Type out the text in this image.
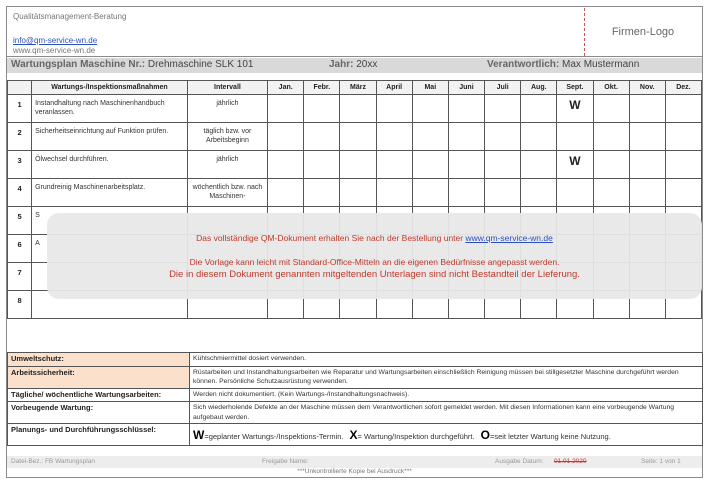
Qualitätsmanagement-Beratung
info@qm-service-wn.de
www.qm-service-wn.de
Firmen-Logo
Wartungsplan Maschine Nr.: Drehmaschine SLK 101	Jahr: 20xx	Verantwortlich: Max Mustermann
	Wartungs-/Inspektionsmaßnahmen	Intervall	Jan.	Febr.	März	April	Mai	Juni	Juli	Aug.	Sept.	Okt.	Nov.	Dez.
1	Instandhaltung nach Maschinenhandbuch veranlassen.	jährlich									W			
2	Sicherheitseinrichtung auf Funktion prüfen.	täglich bzw. vor Arbeitsbeginn												
3	Ölwechsel durchführen.	jährlich									W			
4	Grundreinig Maschinenarbeitsplatz.	wöchentlich bzw. nach Maschinen-												
5	S													
6	A													
7														
8														
Das vollständige QM-Dokument erhalten Sie nach der Bestellung unter www.qm-service-wn.de
Die Vorlage kann leicht mit Standard-Office-Mitteln an die eigenen Bedürfnisse angepasst werden.
Die in diesem Dokument genannten mitgeltenden Unterlagen sind nicht Bestandteil der Lieferung.
Umweltschutz:	Kühlschmiermittel dosiert verwenden.
Arbeitssicherheit:	Rüstarbeiten und Instandhaltungsarbeiten wie Reparatur und Wartungsarbeiten einschließlich Reinigung müssen bei stillgesetzter Maschine durchgeführt werden können. Persönliche Schutzausrüstung verwenden.
Tägliche/ wöchentliche Wartungsarbeiten:	Werden nicht dokumentiert. (Kein Wartungs-/Instandhaltungsnachweis).
Vorbeugende Wartung:	Sich wiederholende Defekte an der Maschine müssen dem Verantwortlichen sofort gemeldet werden. Mit diesen Informationen kann eine vorbeugende Wartung aufgebaut werden.
Planungs- und Durchführungsschlüssel:	W=geplanter Wartungs-/Inspektions-Termin. X= Wartung/Inspektion durchgeführt. O=seit letzter Wartung keine Nutzung.
Datei-Bez.: FB Wartungsplan	Freigabe Name:	Ausgabe Datum: 01.01.2020	Seite: 1 von 1
***Unkontrollierte Kopie bei Ausdruck***
